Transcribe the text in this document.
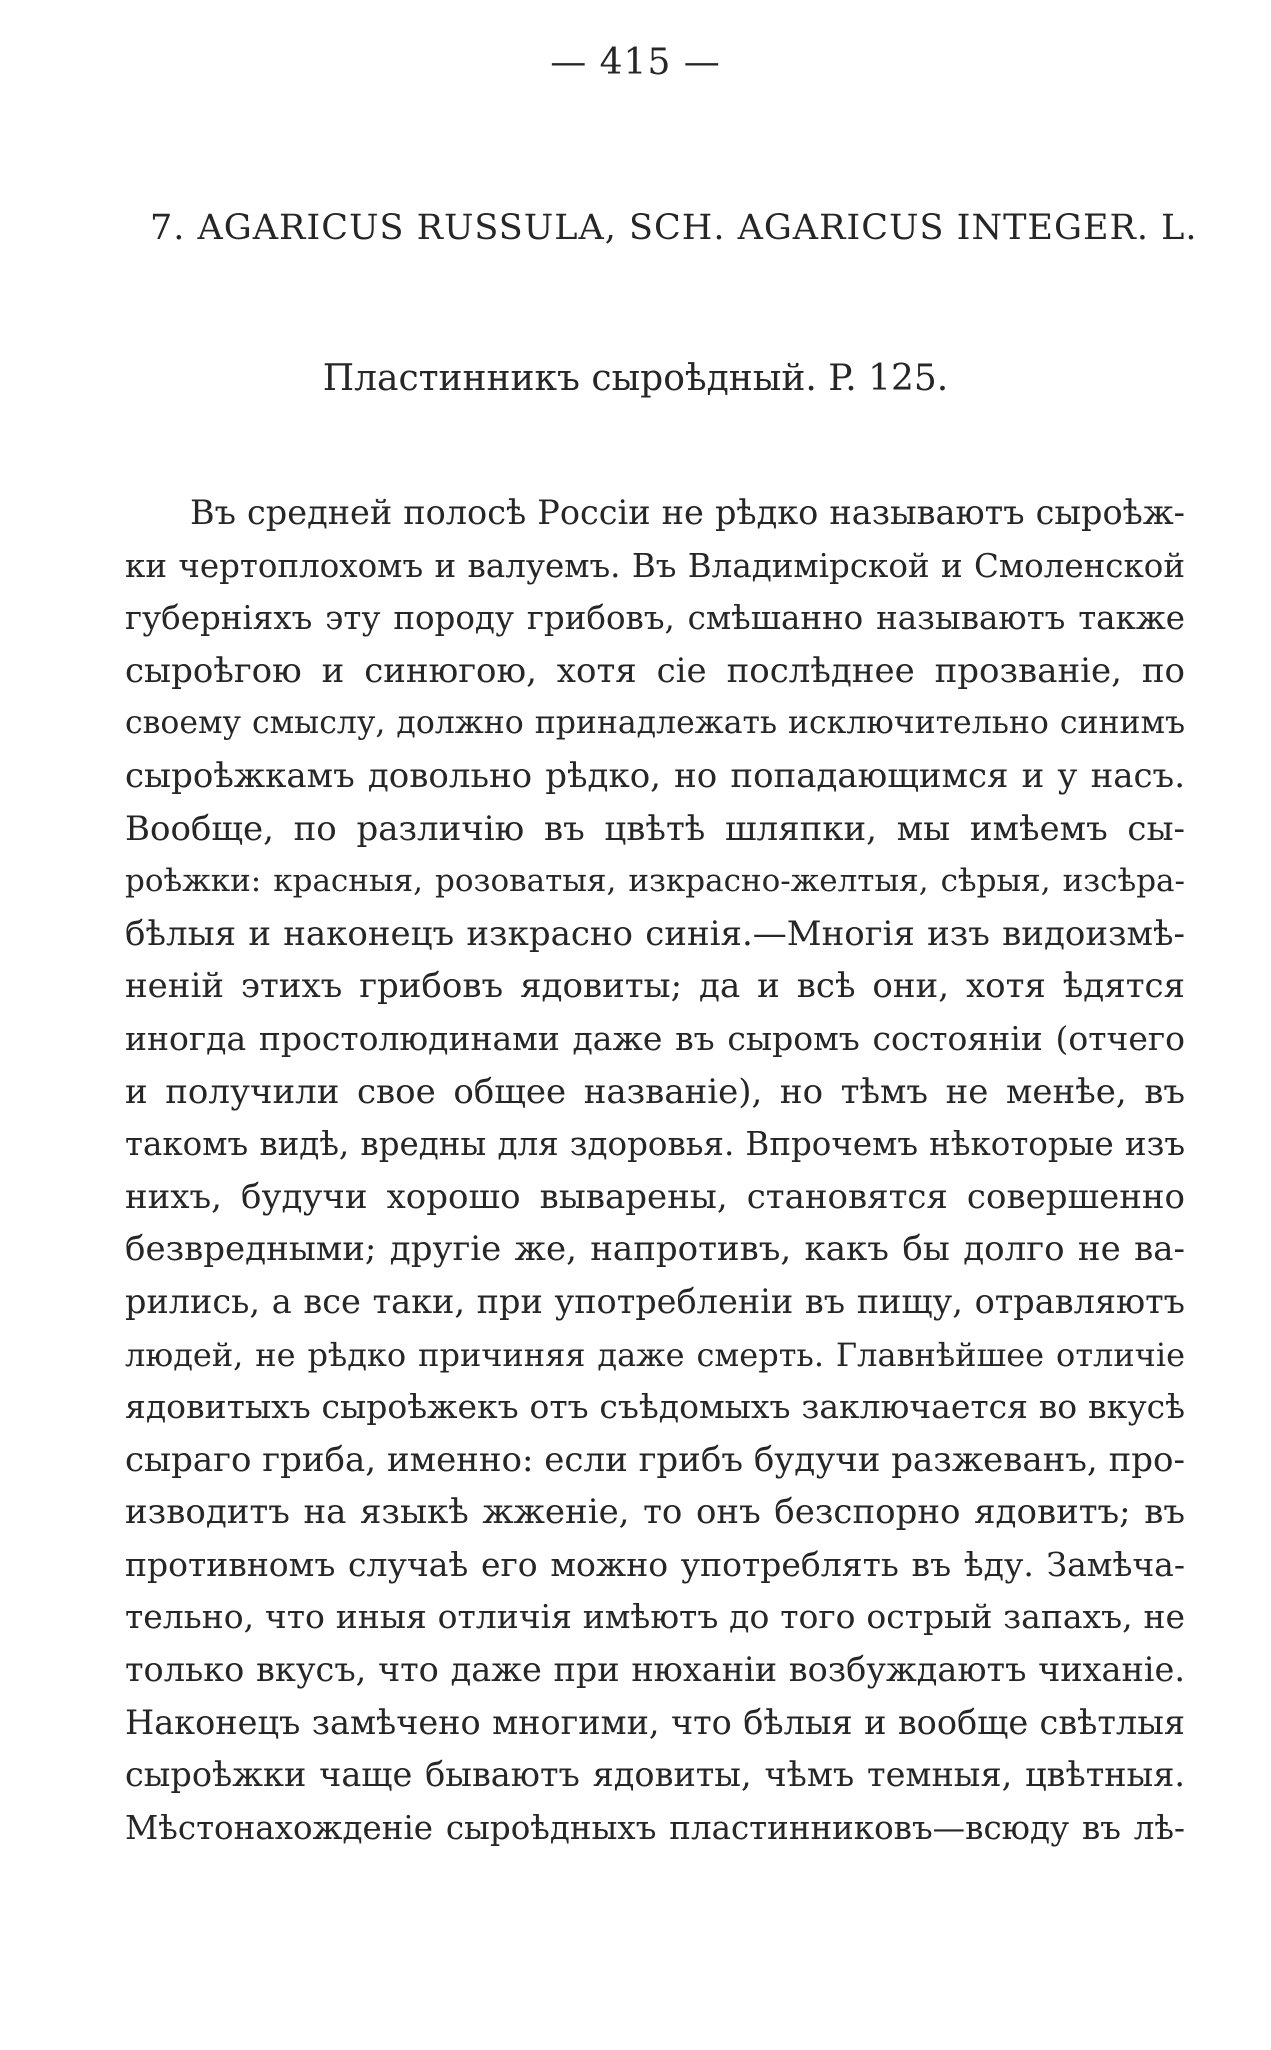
— 415 —
7. AGARICUS RUSSULA, SCH. AGARICUS INTEGER. L.
Пластинникъ сыроѣдный. P. 125.
Въ средней полосѣ Россіи не рѣдко называютъ сыроѣж-
ки чертоплохомъ и валуемъ. Въ Владимірской и Смоленской
губерніяхъ эту породу грибовъ, смѣшанно называютъ также
сыроѣгою и синюгою, хотя сіе послѣднее прозваніе, по
своему смыслу, должно принадлежать исключительно синимъ
сыроѣжкамъ довольно рѣдко, но попадающимся и у насъ.
Вообще, по различію въ цвѣтѣ шляпки, мы имѣемъ сы-
роѣжки: красныя, розоватыя, изкрасно-желтыя, сѣрыя, изсѣра-
бѣлыя и наконецъ изкрасно синія.—Многія изъ видоизмѣ-
неній этихъ грибовъ ядовиты; да и всѣ они, хотя ѣдятся
иногда простолюдинами даже въ сыромъ состояніи (отчего
и получили свое общее названіе), но тѣмъ не менѣе, въ
такомъ видѣ, вредны для здоровья. Впрочемъ нѣкоторые изъ
нихъ, будучи хорошо выварены, становятся совершенно
безвредными; другіе же, напротивъ, какъ бы долго не ва-
рились, а все таки, при употребленіи въ пищу, отравляютъ
людей, не рѣдко причиняя даже смерть. Главнѣйшее отличіе
ядовитыхъ сыроѣжекъ отъ съѣдомыхъ заключается во вкусѣ
сыраго гриба, именно: если грибъ будучи разжеванъ, про-
изводитъ на языкѣ жженіе, то онъ безспорно ядовитъ; въ
противномъ случаѣ его можно употреблять въ ѣду. Замѣча-
тельно, что иныя отличія имѣютъ до того острый запахъ, не
только вкусъ, что даже при нюханіи возбуждаютъ чиханіе.
Наконецъ замѣчено многими, что бѣлыя и вообще свѣтлыя
сыроѣжки чаще бываютъ ядовиты, чѣмъ темныя, цвѣтныя.
Мѣстонахожденіе сыроѣдныхъ пластинниковъ—всюду въ лѣ-
